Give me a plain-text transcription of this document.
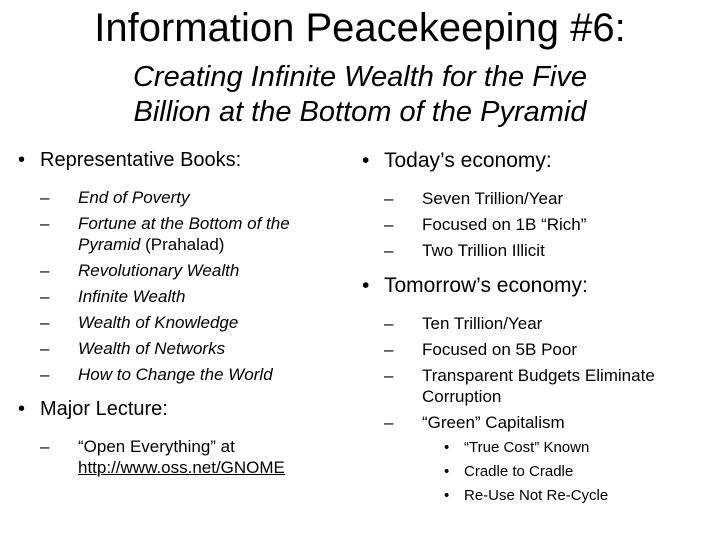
Information Peacekeeping #6:
Creating Infinite Wealth for the Five
Billion at the Bottom of the Pyramid
• Representative Books:
– End of Poverty
– Fortune at the Bottom of the Pyramid (Prahalad)
– Revolutionary Wealth
– Infinite Wealth
– Wealth of Knowledge
– Wealth of Networks
– How to Change the World
• Major Lecture:
– “Open Everything” at
http://www.oss.net/GNOME
• Today’s economy:
– Seven Trillion/Year
– Focused on 1B “Rich”
– Two Trillion Illicit
• Tomorrow’s economy:
– Ten Trillion/Year
– Focused on 5B Poor
– Transparent Budgets Eliminate Corruption
– “Green” Capitalism
• “True Cost” Known
• Cradle to Cradle
• Re-Use Not Re-Cycle
